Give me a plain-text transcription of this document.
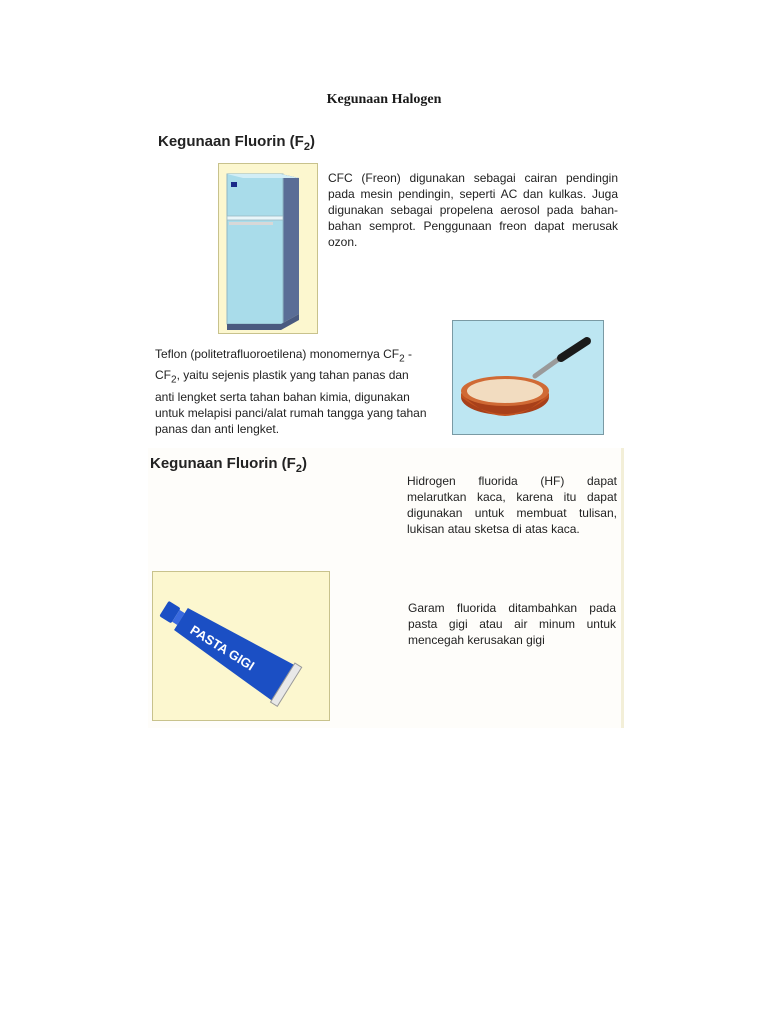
Kegunaan Halogen
Kegunaan Fluorin $(F_2)$
CFC (Freon) digunakan sebagai cairan pendingin pada mesin pendingin, seperti AC dan kulkas. Juga digunakan sebagai propelena aerosol pada bahan-bahan semprot. Penggunaan freon dapat merusak ozon.
Teflon (politetrafluoroetilena) monomernya $CF_2$ $-CF_2$, yaitu sejenis plastik yang tahan panas dan anti lengket serta tahan bahan kimia, digunakan untuk melapisi panci/alat rumah tangga yang tahan panas dan anti lengket.
Kegunaan Fluorin $(F_2)$
Hidrogen fluorida (HF) dapat melarutkan kaca, karena itu dapat digunakan untuk membuat tulisan, lukisan atau sketsa di atas kaca.
PASTA GIGI
Garam fluorida ditambahkan pada pasta gigi atau air minum untuk mencegah kerusakan gigi
